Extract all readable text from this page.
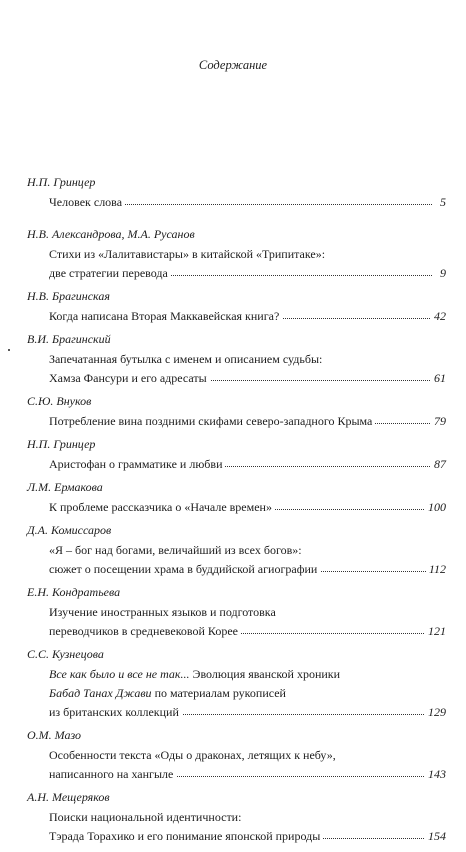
Содержание
Н.П. Гринцер
Человек слова	5
Н.В. Александрова, М.А. Русанов
Стихи из «Лалитавистары» в китайской «Трипитаке»:
две стратегии перевода	9
Н.В. Брагинская
Когда написана Вторая Маккавейская книга?	42
В.И. Брагинский
Запечатанная бутылка с именем и описанием судьбы:
Хамза Фансури и его адресаты	61
С.Ю. Внуков
Потребление вина поздними скифами северо-западного Крыма	79
Н.П. Гринцер
Аристофан о грамматике и любви	87
Л.М. Ермакова
К проблеме рассказчика о «Начале времен»	100
Д.А. Комиссаров
«Я – бог над богами, величайший из всех богов»:
сюжет о посещении храма в буддийской агиографии	112
Е.Н. Кондратьева
Изучение иностранных языков и подготовка
переводчиков в средневековой Корее	121
С.С. Кузнецова
Все как было и все не так... Эволюция яванской хроники
Бабад Танах Джави по материалам рукописей
из британских коллекций	129
О.М. Мазо
Особенности текста «Оды о драконах, летящих к небу»,
написанного на хангыле	143
А.Н. Мещеряков
Поиски национальной идентичности:
Тэрада Торахико и его понимание японской природы	154
